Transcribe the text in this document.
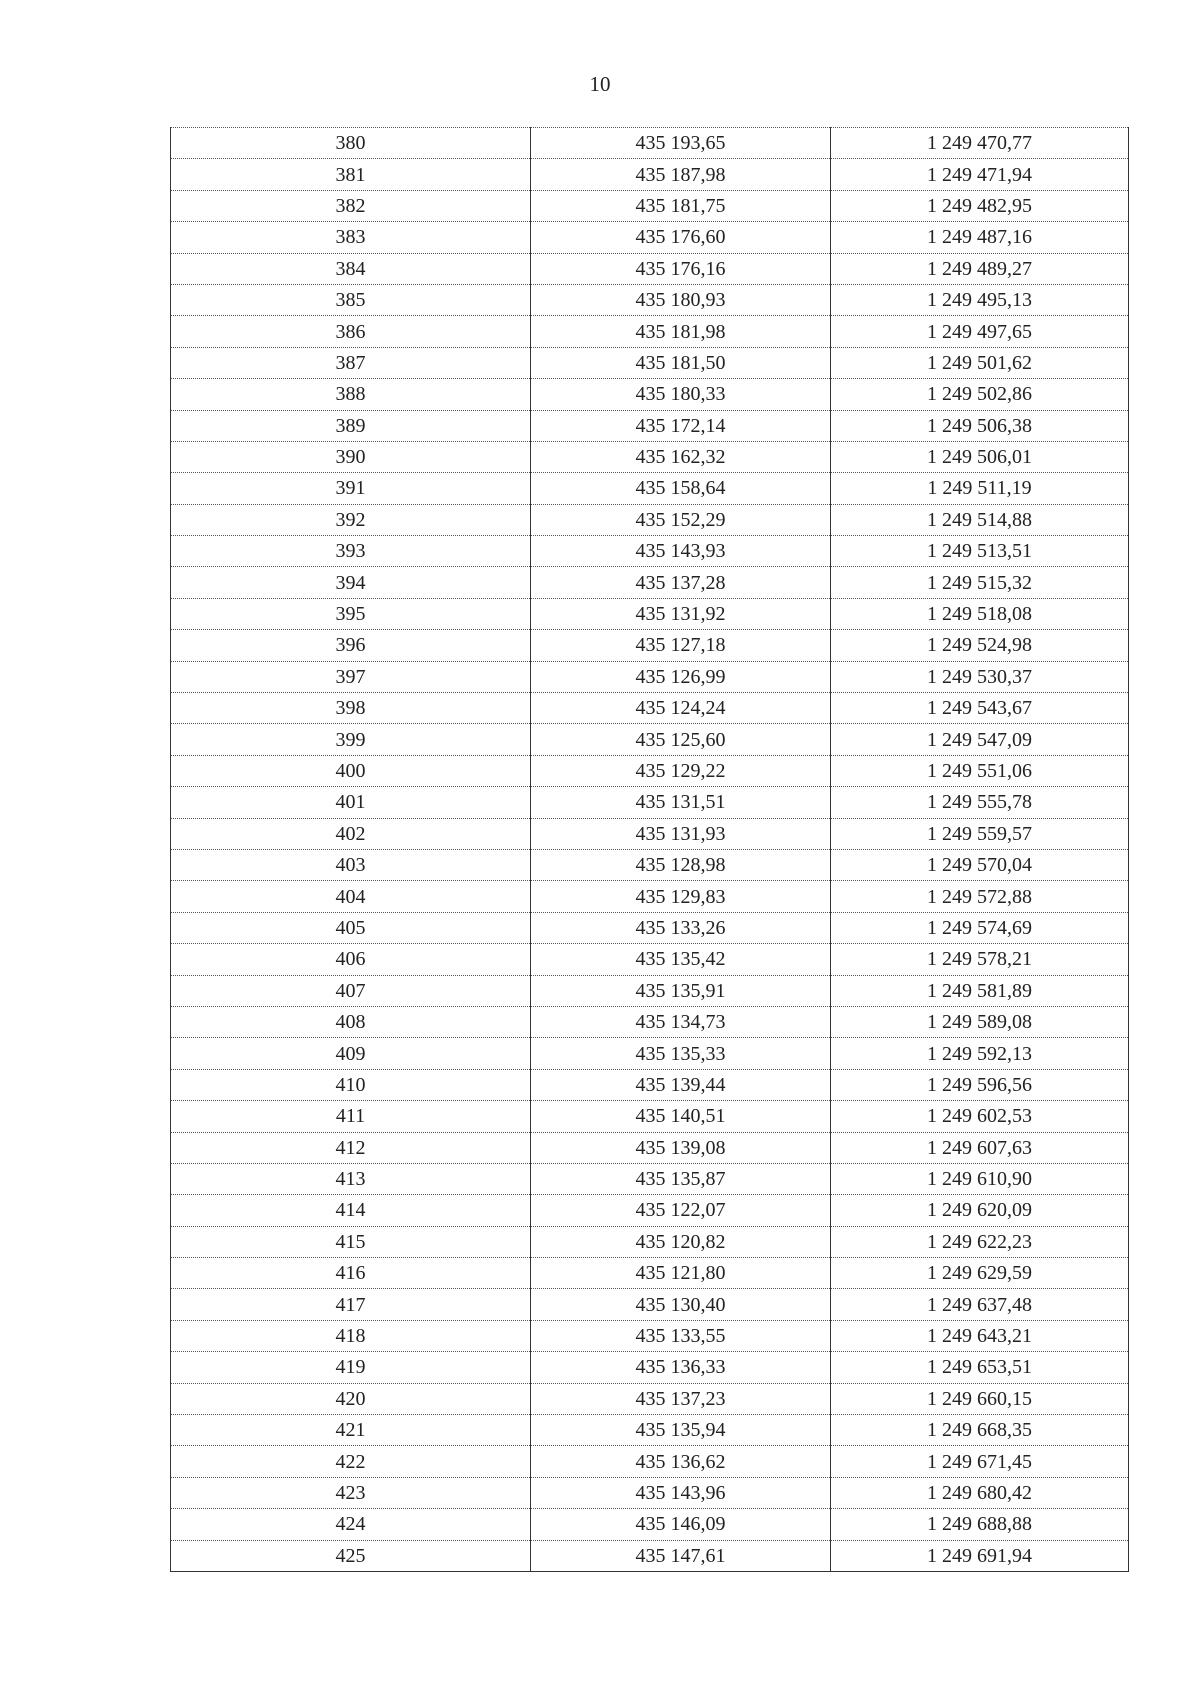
10
380	435 193,65	1 249 470,77
381	435 187,98	1 249 471,94
382	435 181,75	1 249 482,95
383	435 176,60	1 249 487,16
384	435 176,16	1 249 489,27
385	435 180,93	1 249 495,13
386	435 181,98	1 249 497,65
387	435 181,50	1 249 501,62
388	435 180,33	1 249 502,86
389	435 172,14	1 249 506,38
390	435 162,32	1 249 506,01
391	435 158,64	1 249 511,19
392	435 152,29	1 249 514,88
393	435 143,93	1 249 513,51
394	435 137,28	1 249 515,32
395	435 131,92	1 249 518,08
396	435 127,18	1 249 524,98
397	435 126,99	1 249 530,37
398	435 124,24	1 249 543,67
399	435 125,60	1 249 547,09
400	435 129,22	1 249 551,06
401	435 131,51	1 249 555,78
402	435 131,93	1 249 559,57
403	435 128,98	1 249 570,04
404	435 129,83	1 249 572,88
405	435 133,26	1 249 574,69
406	435 135,42	1 249 578,21
407	435 135,91	1 249 581,89
408	435 134,73	1 249 589,08
409	435 135,33	1 249 592,13
410	435 139,44	1 249 596,56
411	435 140,51	1 249 602,53
412	435 139,08	1 249 607,63
413	435 135,87	1 249 610,90
414	435 122,07	1 249 620,09
415	435 120,82	1 249 622,23
416	435 121,80	1 249 629,59
417	435 130,40	1 249 637,48
418	435 133,55	1 249 643,21
419	435 136,33	1 249 653,51
420	435 137,23	1 249 660,15
421	435 135,94	1 249 668,35
422	435 136,62	1 249 671,45
423	435 143,96	1 249 680,42
424	435 146,09	1 249 688,88
425	435 147,61	1 249 691,94
